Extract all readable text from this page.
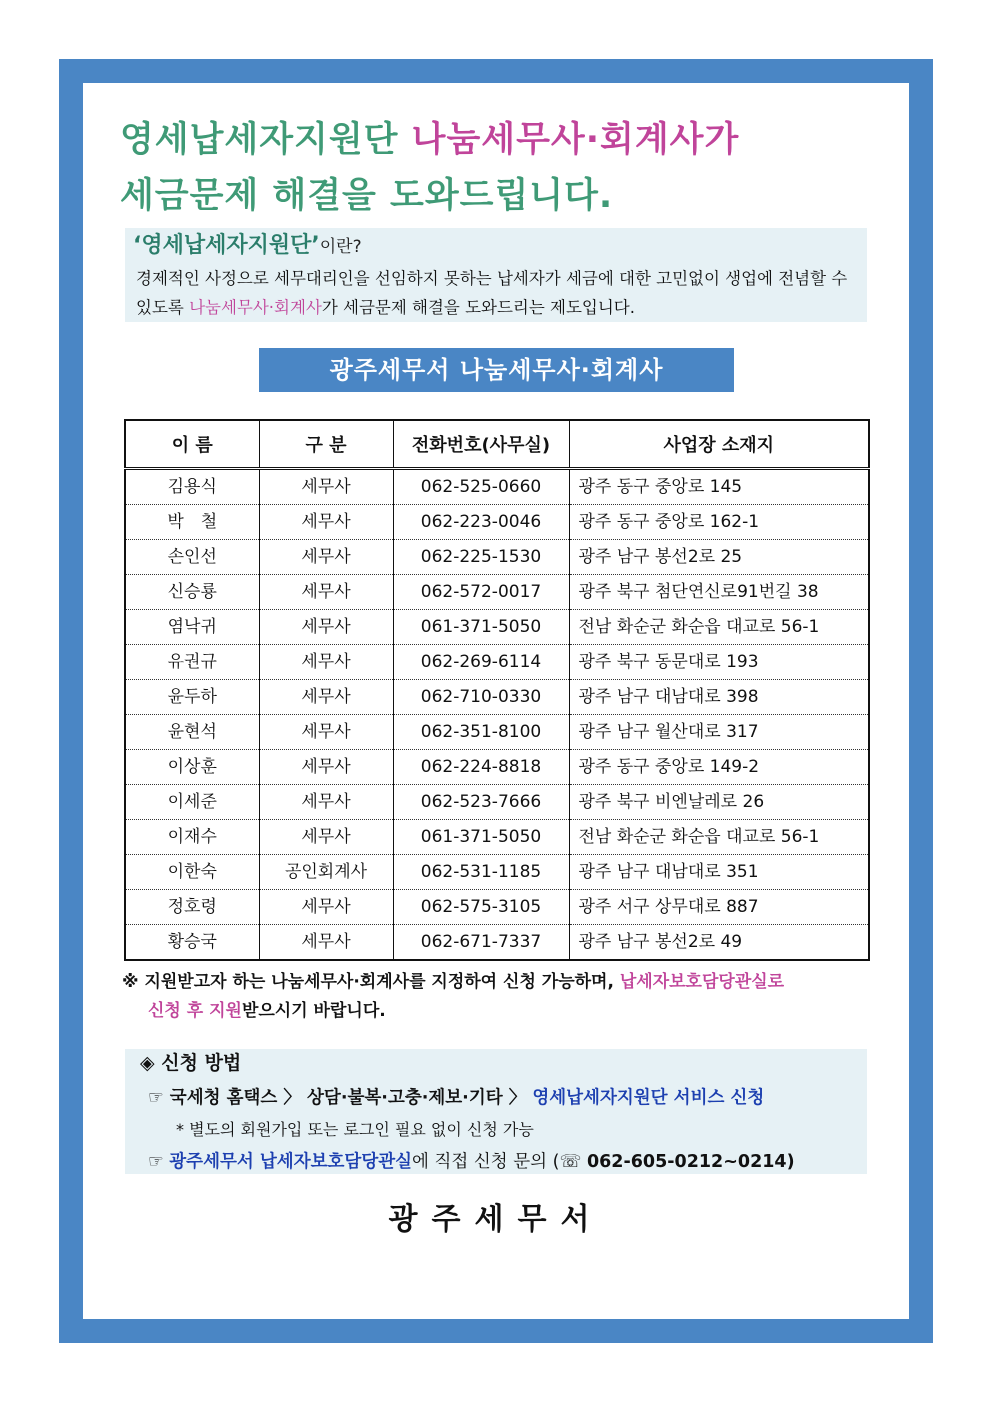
영세납세자지원단 나눔세무사·회계사가
세금문제 해결을 도와드립니다.
‘영세납세자지원단’이란?
경제적인 사정으로 세무대리인을 선임하지 못하는 납세자가 세금에 대한 고민없이 생업에 전념할 수 있도록 나눔세무사·회계사가 세금문제 해결을 도와드리는 제도입니다.
광주세무서 나눔세무사·회계사
이 름	구 분	전화번호(사무실)	사업장 소재지
김용식	세무사	062-525-0660	광주 동구 중앙로 145
박　철	세무사	062-223-0046	광주 동구 중앙로 162-1
손인선	세무사	062-225-1530	광주 남구 봉선2로 25
신승룡	세무사	062-572-0017	광주 북구 첨단연신로91번길 38
염낙귀	세무사	061-371-5050	전남 화순군 화순읍 대교로 56-1
유권규	세무사	062-269-6114	광주 북구 동문대로 193
윤두하	세무사	062-710-0330	광주 남구 대남대로 398
윤현석	세무사	062-351-8100	광주 남구 월산대로 317
이상훈	세무사	062-224-8818	광주 동구 중앙로 149-2
이세준	세무사	062-523-7666	광주 북구 비엔날레로 26
이재수	세무사	061-371-5050	전남 화순군 화순읍 대교로 56-1
이한숙	공인회계사	062-531-1185	광주 남구 대남대로 351
정호령	세무사	062-575-3105	광주 서구 상무대로 887
황승국	세무사	062-671-7337	광주 남구 봉선2로 49
※ 지원받고자 하는 나눔세무사·회계사를 지정하여 신청 가능하며, 납세자보호담당관실로
신청 후 지원받으시기 바랍니다.
◈ 신청 방법
☞ 국세청 홈택스 〉 상담·불복·고충·제보·기타 〉 영세납세자지원단 서비스 신청
* 별도의 회원가입 또는 로그인 필요 없이 신청 가능
☞ 광주세무서 납세자보호담당관실에 직접 신청 문의 (☏ 062-605-0212~0214)
광주세무서
